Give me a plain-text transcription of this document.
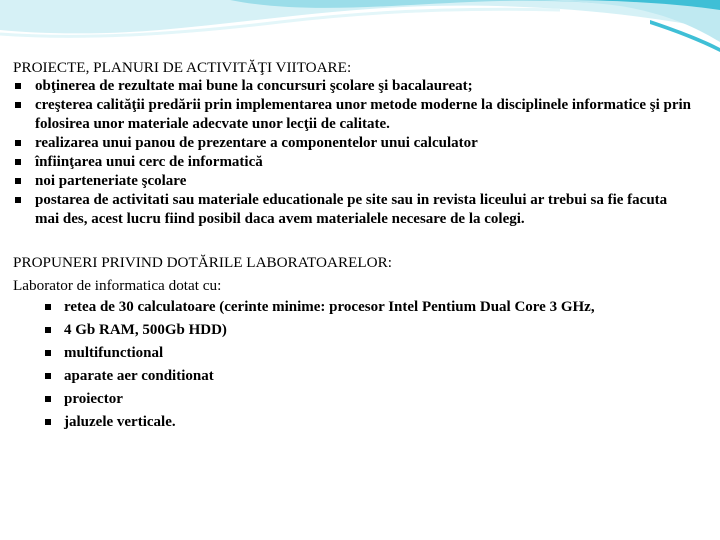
PROIECTE, PLANURI DE ACTIVITĂŢI VIITOARE:

obţinerea de rezultate mai bune la concursuri şcolare şi bacalaureat;
creşterea calităţii predării prin implementarea unor metode moderne la disciplinele informatice şi prin folosirea unor materiale adecvate unor lecţii de calitate.
realizarea unui panou de prezentare a componentelor unui calculator
înfiinţarea unui cerc de informatică
noi parteneriate şcolare
postarea de activitati sau materiale educationale pe site sau in revista liceului ar trebui sa fie facuta mai des, acest lucru fiind posibil daca avem materialele necesare de la colegi.

PROPUNERI PRIVIND DOTĂRILE LABORATOARELOR:

Laborator de informatica dotat cu:

retea de 30 calculatoare (cerinte minime: procesor Intel Pentium Dual Core 3 GHz,
4 Gb RAM, 500Gb HDD)
multifunctional
aparate aer conditionat
proiector
jaluzele verticale.
